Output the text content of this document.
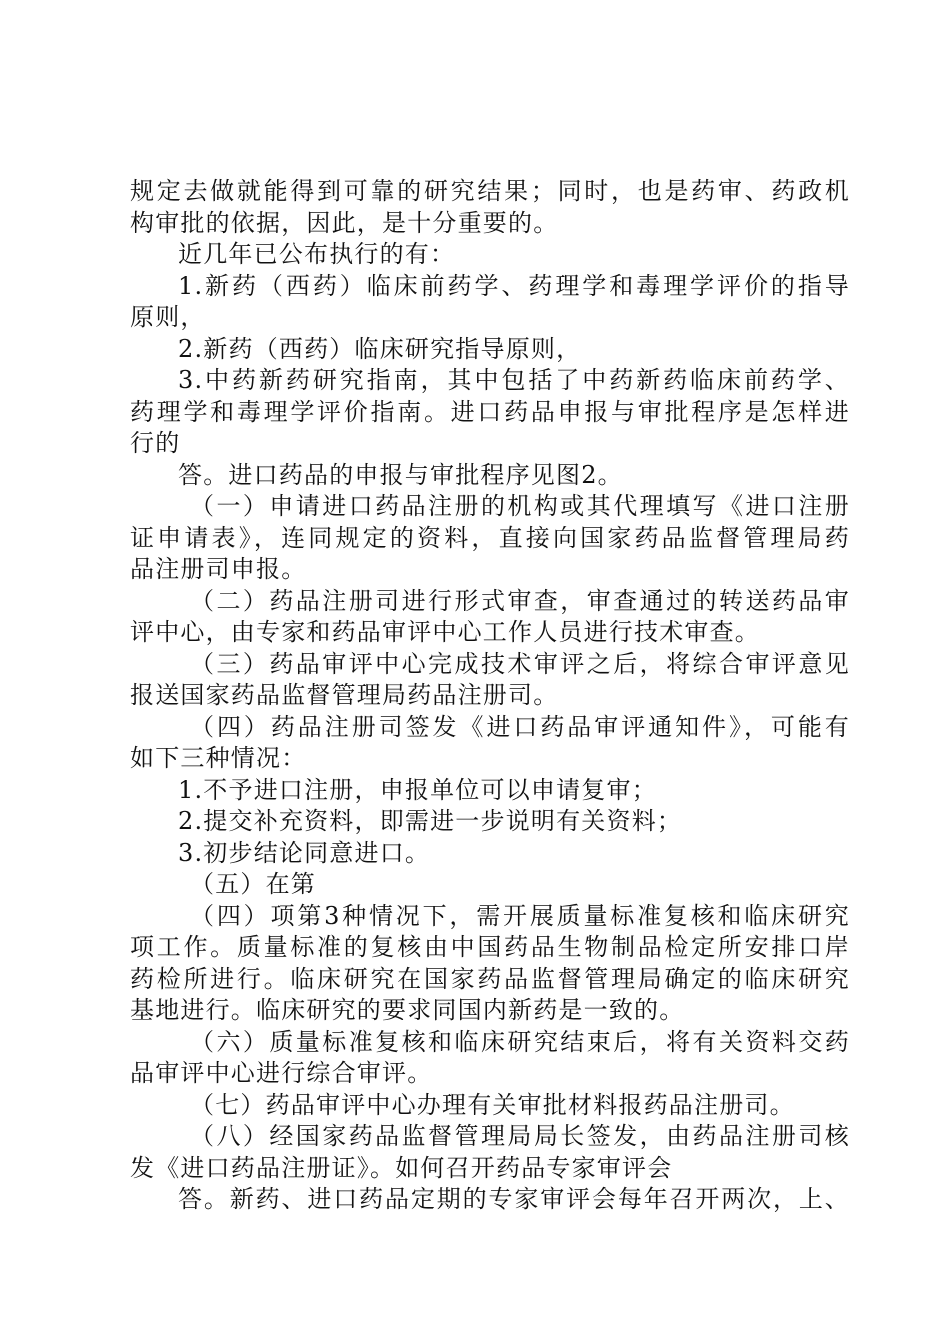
规定去做就能得到可靠的研究结果；同时，也是药审、药政机
构审批的依据，因此，是十分重要的。
近几年已公布执行的有：
1.新药（西药）临床前药学、药理学和毒理学评价的指导
原则，
2.新药（西药）临床研究指导原则，
3.中药新药研究指南，其中包括了中药新药临床前药学、
药理学和毒理学评价指南。进口药品申报与审批程序是怎样进
行的
答。进口药品的申报与审批程序见图2。
（一）申请进口药品注册的机构或其代理填写《进口注册
证申请表》，连同规定的资料，直接向国家药品监督管理局药
品注册司申报。
（二）药品注册司进行形式审查，审查通过的转送药品审
评中心，由专家和药品审评中心工作人员进行技术审查。
（三）药品审评中心完成技术审评之后，将综合审评意见
报送国家药品监督管理局药品注册司。
（四）药品注册司签发《进口药品审评通知件》，可能有
如下三种情况：
1.不予进口注册，申报单位可以申请复审；
2.提交补充资料，即需进一步说明有关资料；
3.初步结论同意进口。
（五）在第
（四）项第3种情况下，需开展质量标准复核和临床研究
项工作。质量标准的复核由中国药品生物制品检定所安排口岸
药检所进行。临床研究在国家药品监督管理局确定的临床研究
基地进行。临床研究的要求同国内新药是一致的。
（六）质量标准复核和临床研究结束后，将有关资料交药
品审评中心进行综合审评。
（七）药品审评中心办理有关审批材料报药品注册司。
（八）经国家药品监督管理局局长签发，由药品注册司核
发《进口药品注册证》。如何召开药品专家审评会
答。新药、进口药品定期的专家审评会每年召开两次，上、
